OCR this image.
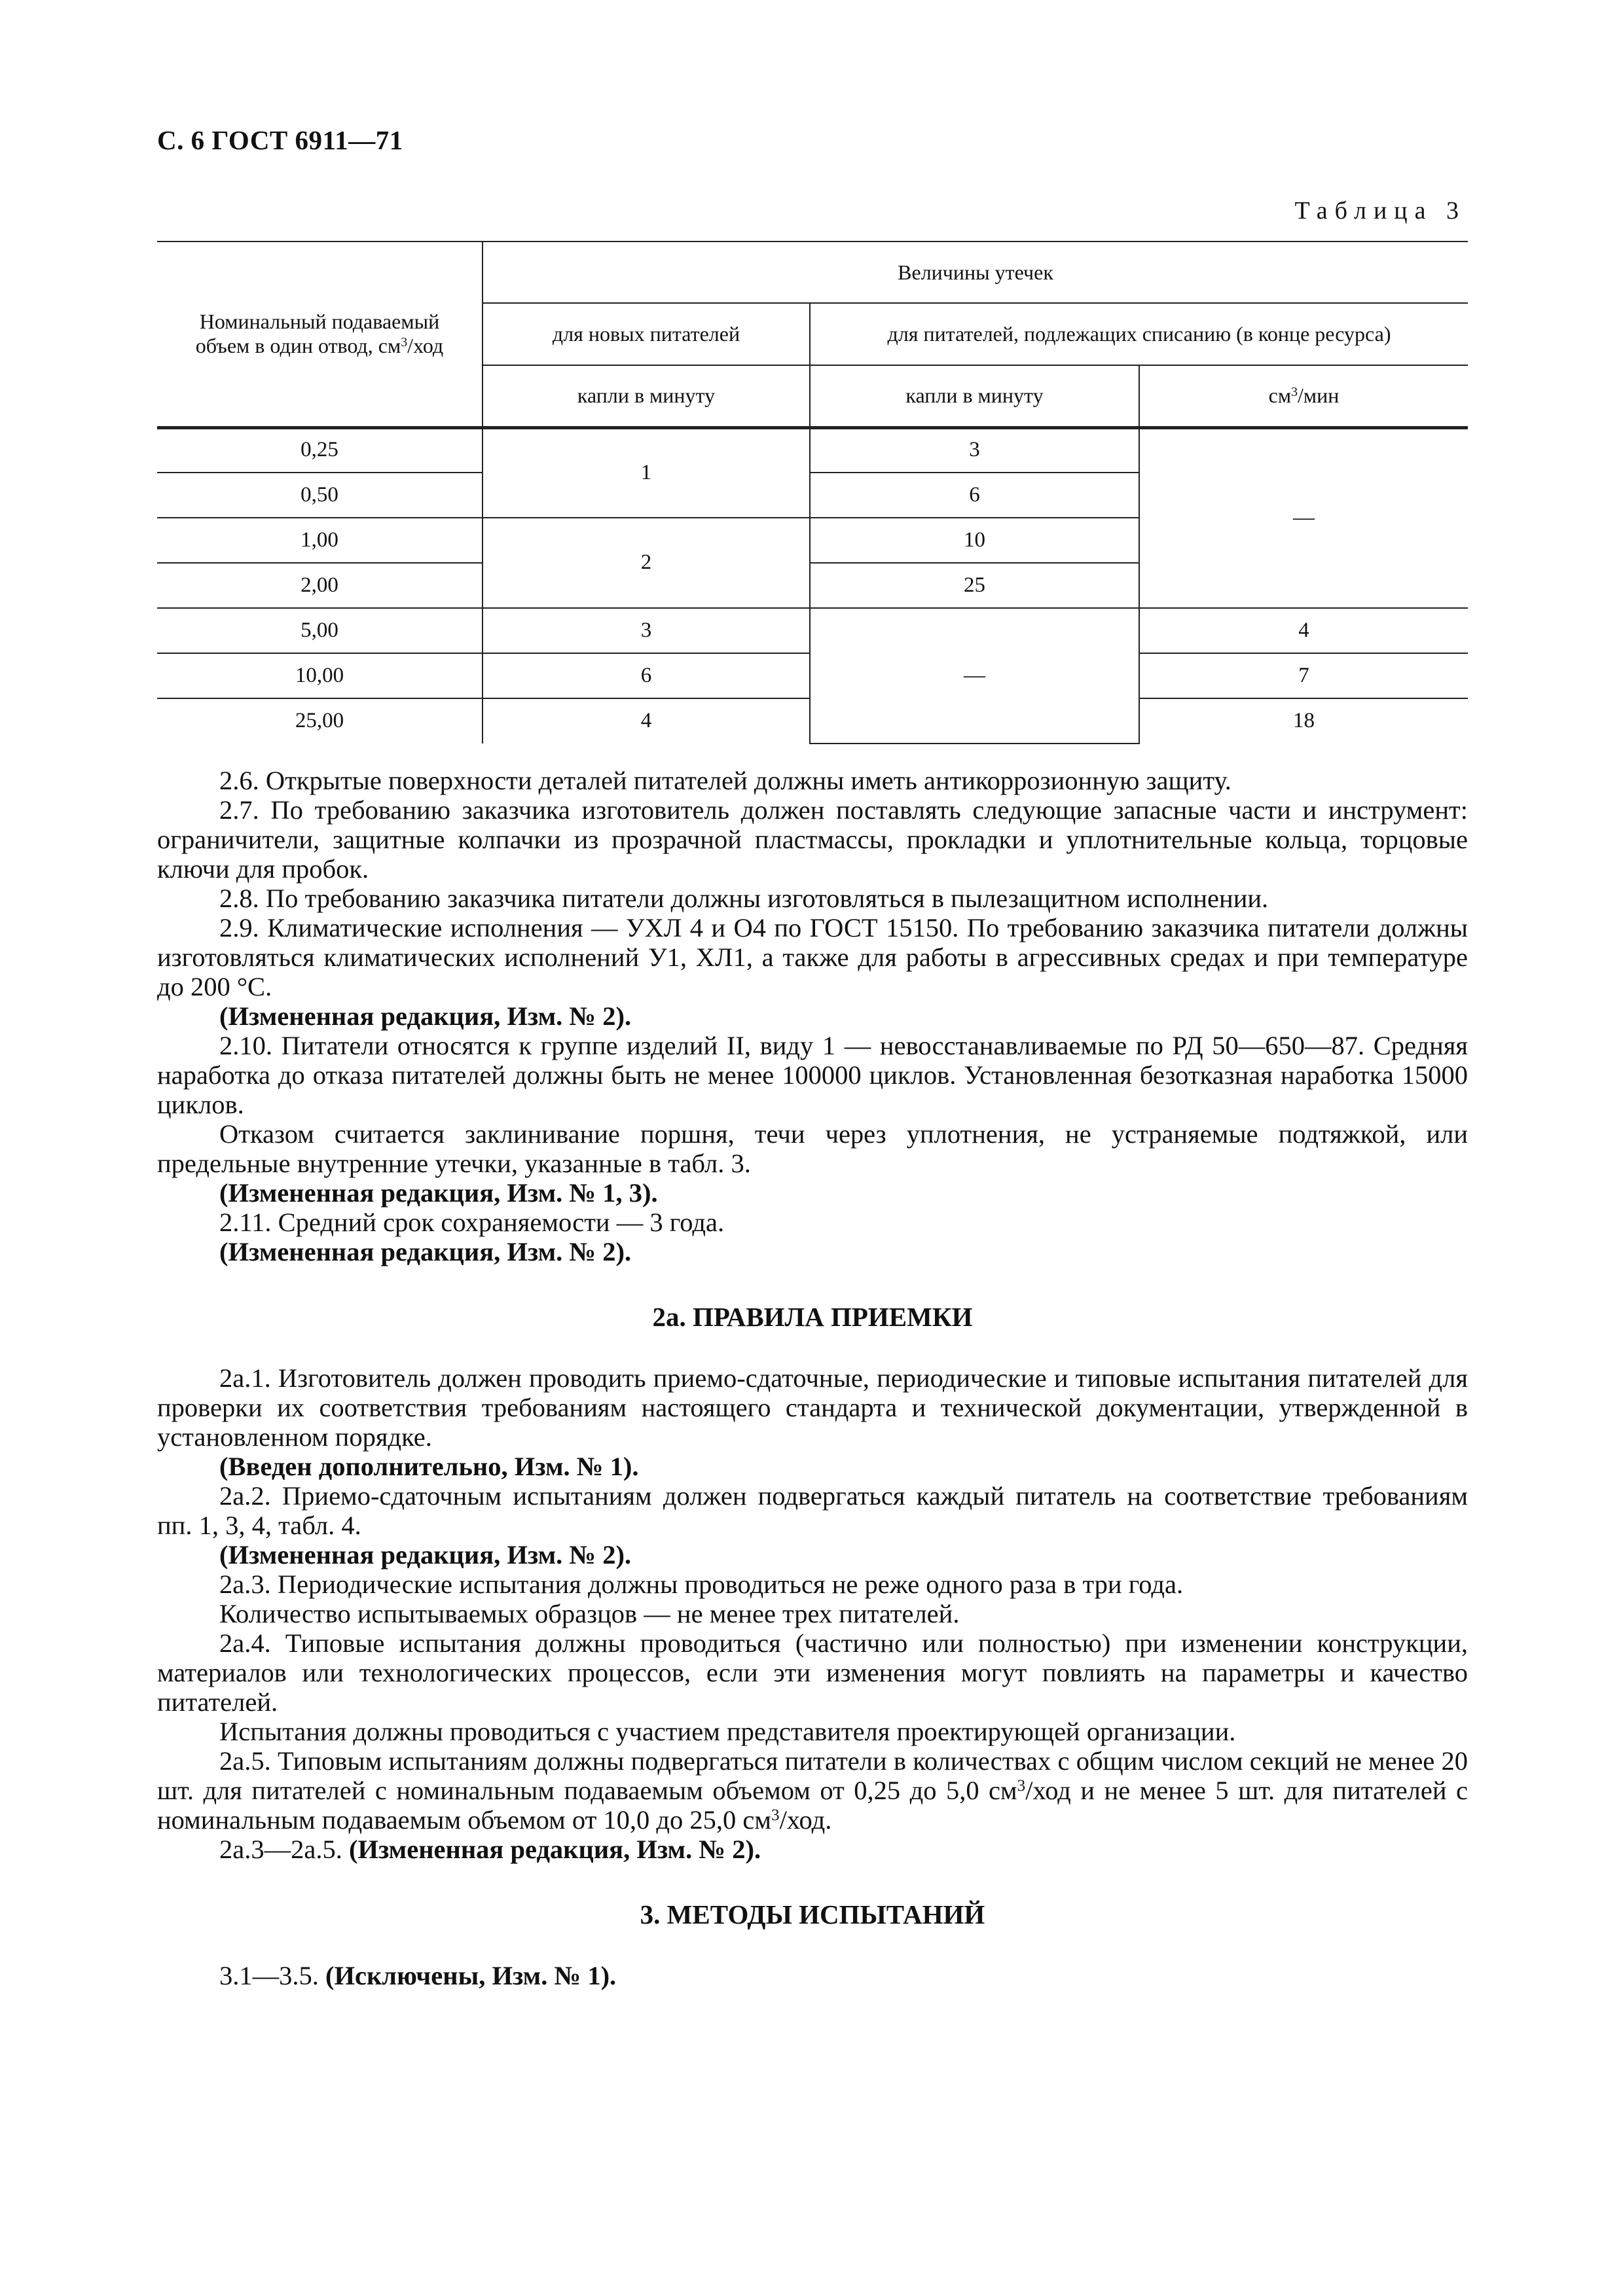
С. 6 ГОСТ 6911—71
Таблица 3
Номинальный подаваемый
объем в один отвод, $см^3$/ход	Величины утечек		
	для новых питателей	для питателей, подлежащих списанию (в конце ресурса)	
	капли в минуту	капли в минуту	$см^3$/мин
0,25	1	3	—
0,50		6	
1,00	2	10	
2,00		25	
5,00	3	—	4
10,00	6		7
25,00	4		18

2.6. Открытые поверхности деталей питателей должны иметь антикоррозионную защиту.

2.7. По требованию заказчика изготовитель должен поставлять следующие запасные части и инструмент: ограничители, защитные колпачки из прозрачной пластмассы, прокладки и уплотнительные кольца, торцовые ключи для пробок.

2.8. По требованию заказчика питатели должны изготовляться в пылезащитном исполнении.

2.9. Климатические исполнения — УХЛ 4 и О4 по ГОСТ 15150. По требованию заказчика питатели должны изготовляться климатических исполнений У1, ХЛ1, а также для работы в агрессивных средах и при температуре до 200 °С.

(Измененная редакция, Изм. № 2).

2.10. Питатели относятся к группе изделий II, виду 1 — невосстанавливаемые по РД 50—650—87. Средняя наработка до отказа питателей должны быть не менее 100000 циклов. Установленная безотказная наработка 15000 циклов.

Отказом считается заклинивание поршня, течи через уплотнения, не устраняемые подтяжкой, или предельные внутренние утечки, указанные в табл. 3.

(Измененная редакция, Изм. № 1, 3).

2.11. Средний срок сохраняемости — 3 года.

(Измененная редакция, Изм. № 2).

2а. ПРАВИЛА ПРИЕМКИ

2а.1. Изготовитель должен проводить приемо-сдаточные, периодические и типовые испытания питателей для проверки их соответствия требованиям настоящего стандарта и технической документации, утвержденной в установленном порядке.

(Введен дополнительно, Изм. № 1).

2а.2. Приемо-сдаточным испытаниям должен подвергаться каждый питатель на соответствие требованиям пп. 1, 3, 4, табл. 4.

(Измененная редакция, Изм. № 2).

2а.3. Периодические испытания должны проводиться не реже одного раза в три года.

Количество испытываемых образцов — не менее трех питателей.

2а.4. Типовые испытания должны проводиться (частично или полностью) при изменении конструкции, материалов или технологических процессов, если эти изменения могут повлиять на параметры и качество питателей.

Испытания должны проводиться с участием представителя проектирующей организации.

2а.5. Типовым испытаниям должны подвергаться питатели в количествах с общим числом секций не менее 20 шт. для питателей с номинальным подаваемым объемом от 0,25 до 5,0 $см^3$/ход и не менее 5 шт. для питателей с номинальным подаваемым объемом от 10,0 до 25,0 $см^3$/ход.

2а.3—2а.5. (Измененная редакция, Изм. № 2).

3. МЕТОДЫ ИСПЫТАНИЙ

3.1—3.5. (Исключены, Изм. № 1).
